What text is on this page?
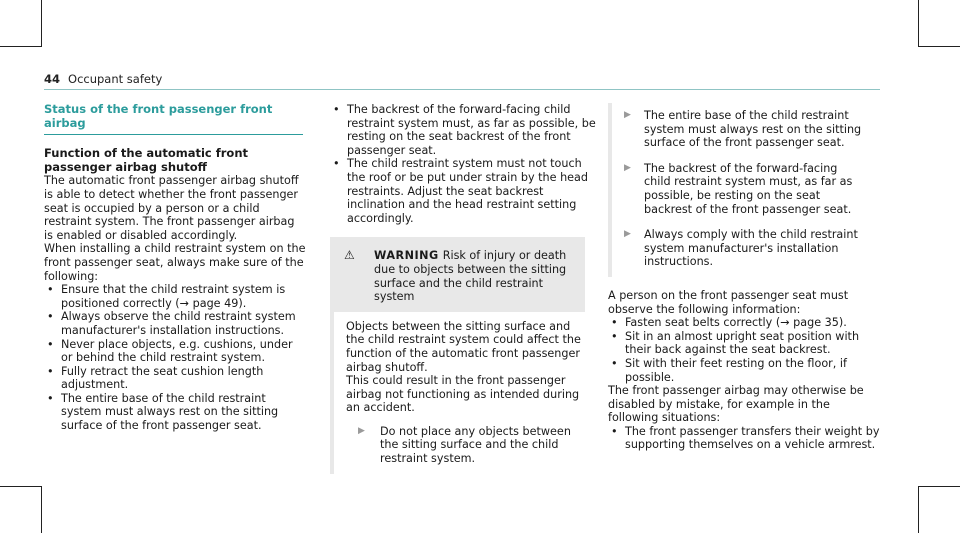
44 Occupant safety
Status of the front passenger front airbag
Function of the automatic front passenger airbag shutoff

The automatic front passenger airbag shutoff is able to detect whether the front passenger seat is occupied by a person or a child restraint system. The front passenger airbag is enabled or disabled accordingly.

When installing a child restraint system on the front passenger seat, always make sure of the following:

• Ensure that the child restraint system is positioned correctly (→ page 49).
• Always observe the child restraint system manufacturer's installation instructions.
• Never place objects, e.g. cushions, under or behind the child restraint system.
• Fully retract the seat cushion length adjustment.
• The entire base of the child restraint system must always rest on the sitting surface of the front passenger seat.
• The backrest of the forward-facing child restraint system must, as far as possible, be resting on the seat backrest of the front passenger seat.
• The child restraint system must not touch the roof or be put under strain by the head restraints. Adjust the seat backrest inclination and the head restraint setting accordingly.
⚠	WARNING Risk of injury or death due to objects between the sitting surface and the child restraint system

Objects between the sitting surface and the child restraint system could affect the function of the automatic front passenger airbag shutoff.

This could result in the front passenger airbag not functioning as intended during an accident.

▶ Do not place any objects between the sitting surface and the child restraint system.
▶ The entire base of the child restraint system must always rest on the sitting surface of the front passenger seat.
▶ The backrest of the forward-facing child restraint system must, as far as possible, be resting on the seat backrest of the front passenger seat.
▶ Always comply with the child restraint system manufacturer's installation instructions.

A person on the front passenger seat must observe the following information:

• Fasten seat belts correctly (→ page 35).
• Sit in an almost upright seat position with their back against the seat backrest.
• Sit with their feet resting on the floor, if possible.

The front passenger airbag may otherwise be disabled by mistake, for example in the following situations:

• The front passenger transfers their weight by supporting themselves on a vehicle armrest.
